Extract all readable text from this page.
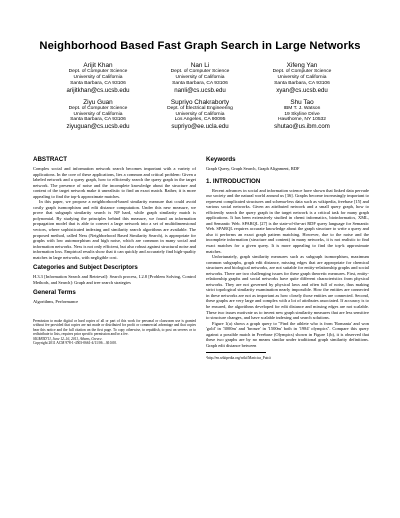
Neighborhood Based Fast Graph Search in Large Networks
Arijit Khan
Dept. of Computer Science
University of California
Santa Barbara, CA 93106
arijitkhan@cs.ucsb.edu
Nan Li
Dept. of Computer Science
University of California
Santa Barbara, CA 93106
nanli@cs.ucsb.edu
Xifeng Yan
Dept. of Computer Science
University of California
Santa Barbara, CA 93106
xyan@cs.ucsb.edu
Ziyu Guan
Dept. of Computer Science
University of California
Santa Barbara, CA 93106
ziyuguan@cs.ucsb.edu
Supriyo Chakraborty
Dept. of Electrical Engineering
University of California
Los Angeles, CA 90095
supriyo@ee.ucla.edu
Shu Tao
IBM T. J. Watson
19 Skyline Drive
Hawthorne, NY 10532
shutao@us.ibm.com
ABSTRACT

Complex social and information network search becomes important with a variety of applications. In the core of these applications, lies a common and critical problem: Given a labeled network and a query graph, how to efficiently search the query graph in the target network. The presence of noise and the incomplete knowledge about the structure and content of the target network make it unrealistic to find an exact match. Rather, it is more appealing to find the top-k approximate matches.

In this paper, we propose a neighborhood-based similarity measure that could avoid costly graph isomorphism and edit distance computation. Under this new measure, we prove that subgraph similarity search is NP hard, while graph similarity match is polynomial. By studying the principles behind this measure, we found an information propagation model that is able to convert a large network into a set of multidimensional vectors, where sophisticated indexing and similarity search algorithms are available. The proposed method, called Ness (Neighborhood Based Similarity Search), is appropriate for graphs with low automorphism and high noise, which are common in many social and information networks. Ness is not only efficient, but also robust against structural noise and information loss. Empirical results show that it can quickly and accurately find high-quality matches in large networks, with negligible cost.

Categories and Subject Descriptors

H.3.3 [Information Search and Retrieval]: Search process, I.2.8 [Problem Solving, Control Methods, and Search]: Graph and tree search strategies

General Terms

Algorithms, Performance

Permission to make digital or hard copies of all or part of this work for personal or classroom use is granted without fee provided that copies are not made or distributed for profit or commercial advantage and that copies bear this notice and the full citation on the first page. To copy otherwise, to republish, to post on servers or to redistribute to lists, requires prior specific permission and/or a fee.

SIGMOD'11, June 12–16, 2011, Athens, Greece.

Copyright 2011 ACM 978-1-4503-0661-4/11/06 ...$10.00.

Keywords

Graph Query, Graph Search, Graph Alignment, RDF

1. INTRODUCTION

Recent advances in social and information science have shown that linked data pervade our society and the natural world around us [36]. Graphs become increasingly important to represent complicated structures and schema-less data such as wikipedia, freebase [15] and various social networks. Given an attributed network and a small query graph, how to efficiently search the query graph in the target network is a critical task for many graph applications. It has been extensively studied in chemi informatics, bioinformatics, XML, and Semantic Web. SPARQL [27] is the state-of-the-art RDF query language for Semantic Web. SPARQL requires accurate knowledge about the graph structure to write a query and also it performs an exact graph pattern matching. However, due to the noise and the incomplete information (structure and content) in many networks, it is not realistic to find exact matches for a given query. It is more appealing to find the top-k approximate matches.

Unfortunately, graph similarity measures such as subgraph isomorphism, maximum common subgraphs, graph edit distance, missing edges that are appropriate for chemical structures and biological networks, are not suitable for entity-relationship graphs and social networks. There are two challenging issues for these graph theoretic measures. First, entity-relationship graphs and social networks have quite different characteristics from physical networks. They are not governed by physical laws and often full of noise, thus making strict topological similarity examination nearly impossible. How the entities are connected in these networks are not as important as how closely those entities are connected. Second, these graphs are very large and complex with a lot of attributes associated. If accuracy is to be ensured, the algorithms developed for edit distance and missing edges are not scalable. These two issues motivate us to invent new graph similarity measures that are less sensitive to structure changes, and have scalable indexing and search solutions.

Figure 1(a) shows a graph query to "Find the athlete who is from 'Romania' and won 'gold' in '3000m' and 'bronze' in '1500m' both in '1984' olympics". Compare this query against a possible match in Freebase (Olympics) shown in Figure 1(b), it is observed that these two graphs are by no means similar under traditional graph similarity definitions. Graph edit distance between

¹http://en.wikipedia.org/wiki/Maricica_Puică
